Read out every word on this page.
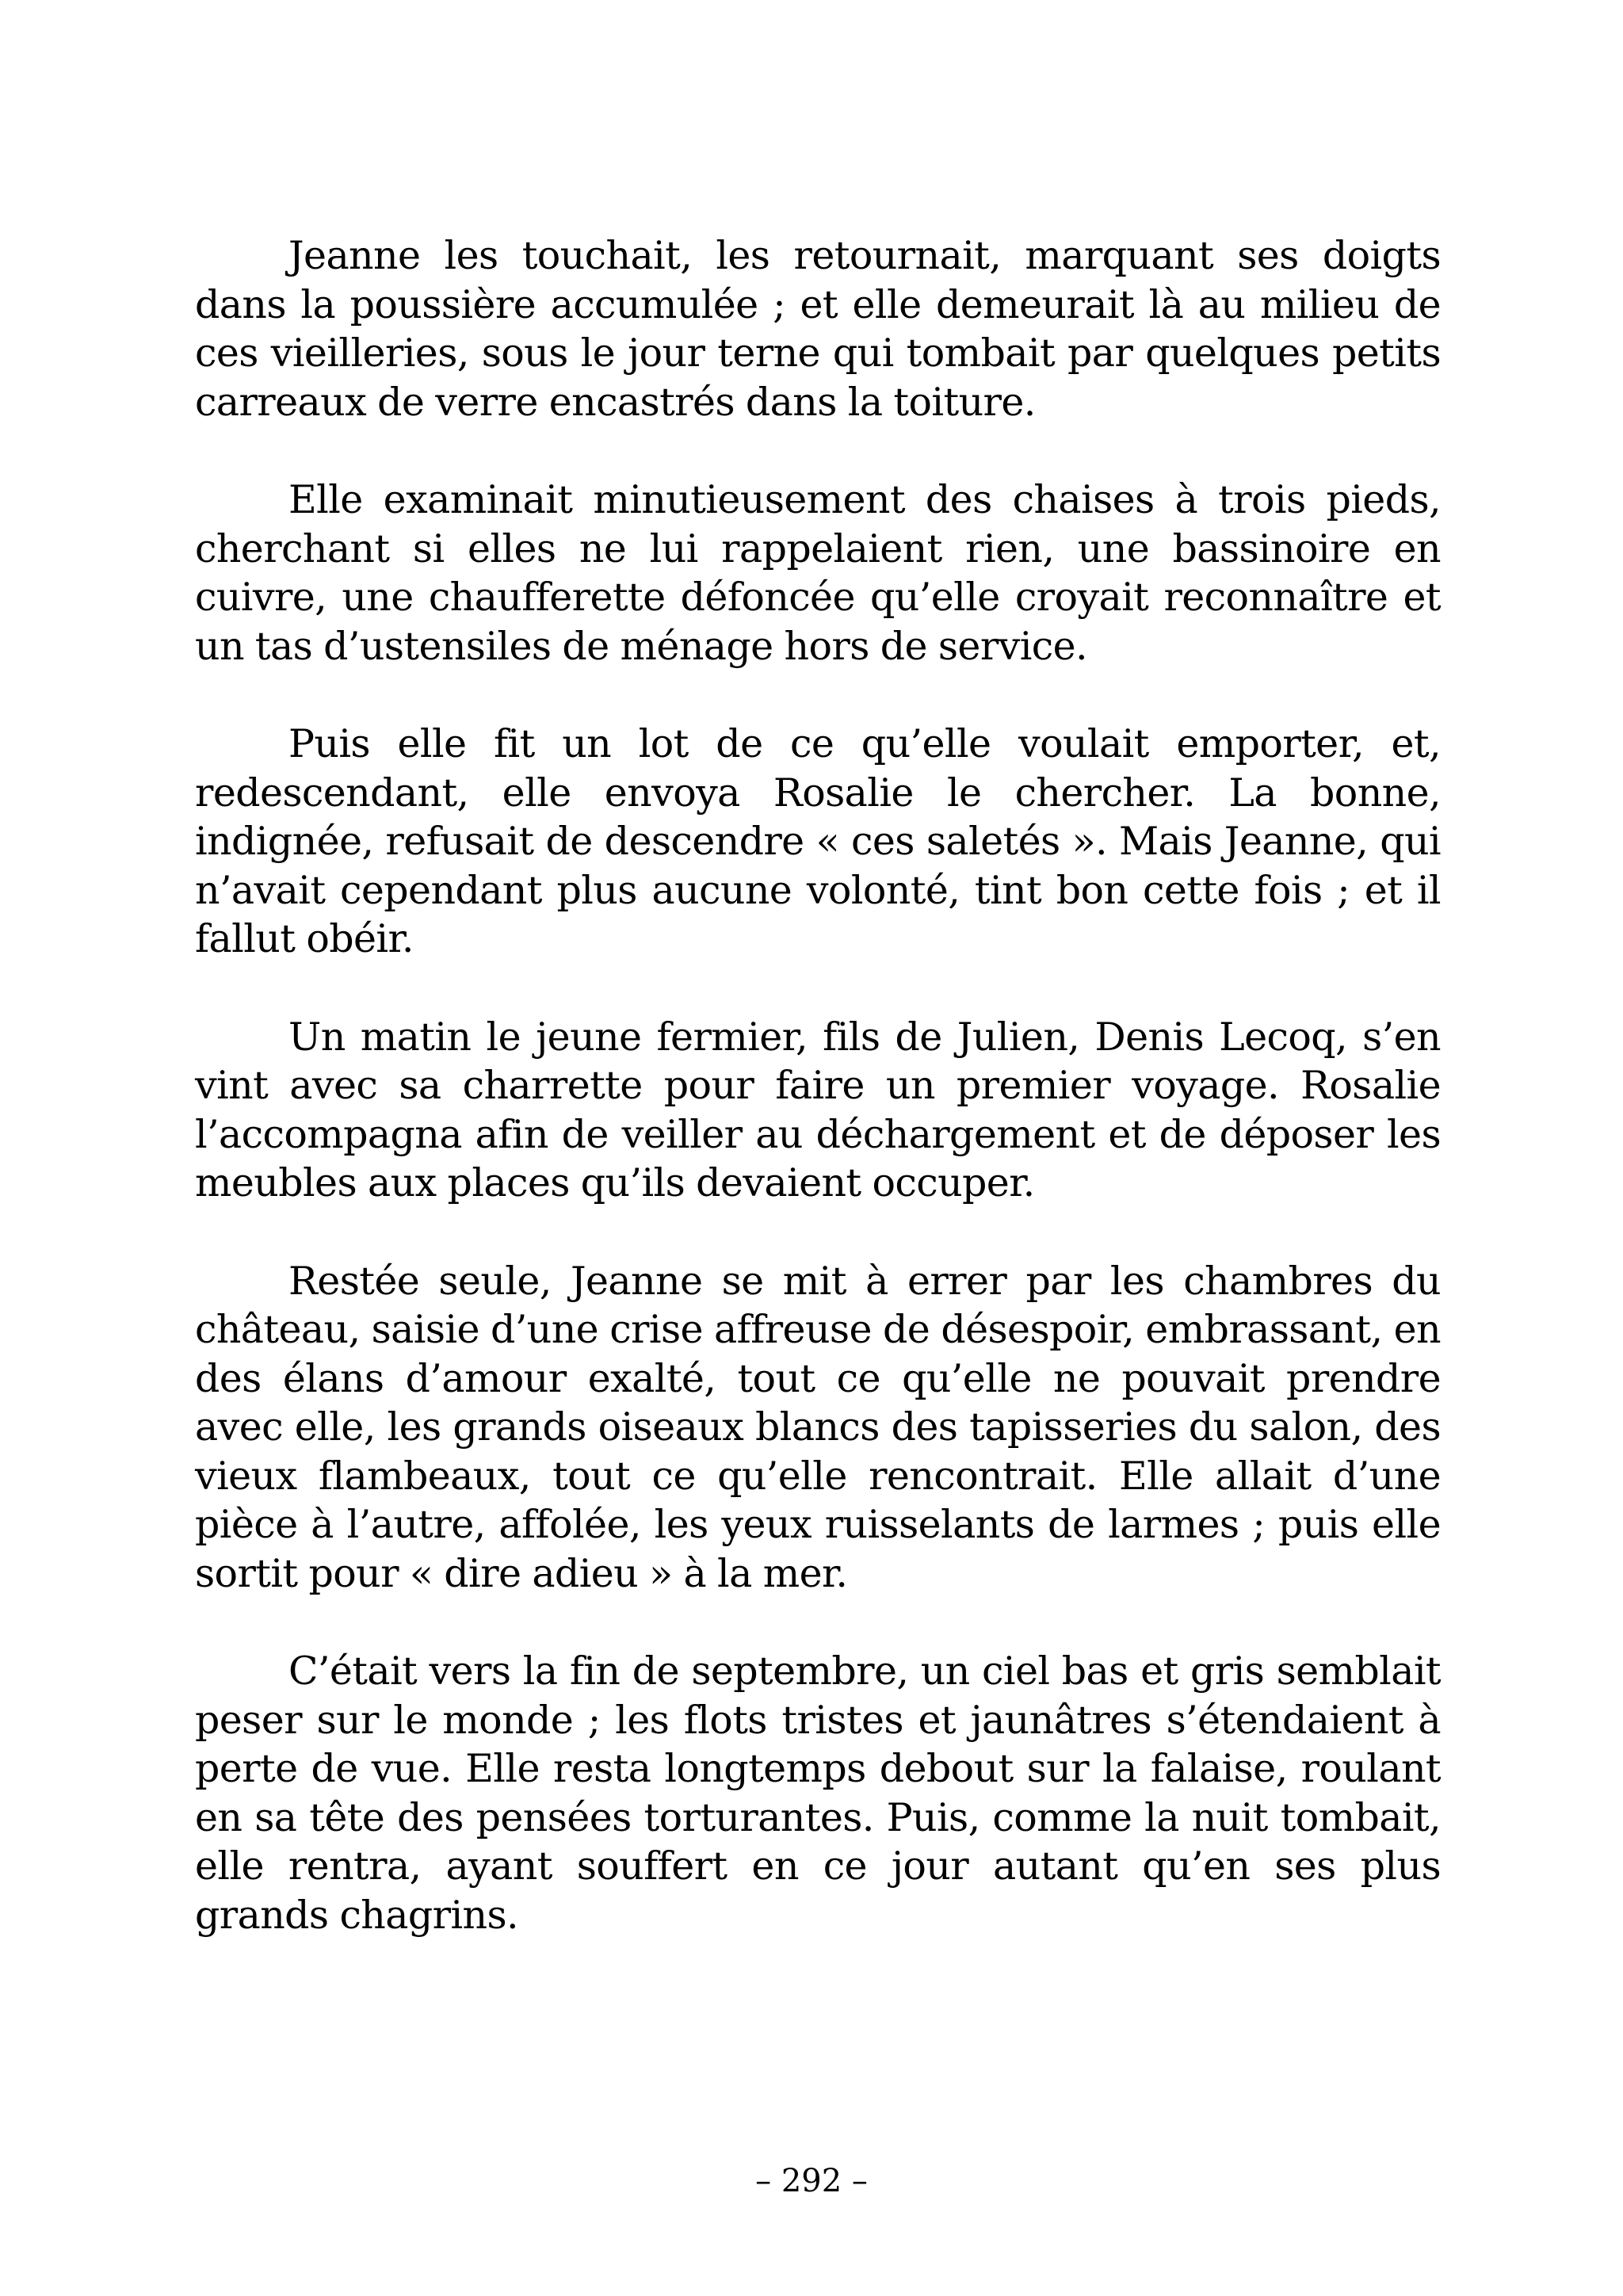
Jeanne les touchait, les retournait, marquant ses doigts dans la poussière accumulée ; et elle demeurait là au milieu de ces vieilleries, sous le jour terne qui tombait par quelques petits carreaux de verre encastrés dans la toiture.

Elle examinait minutieusement des chaises à trois pieds, cherchant si elles ne lui rappelaient rien, une bassinoire en cuivre, une chaufferette défoncée qu’elle croyait reconnaître et un tas d’ustensiles de ménage hors de service.

Puis elle fit un lot de ce qu’elle voulait emporter, et, redescendant, elle envoya Rosalie le chercher. La bonne, indignée, refusait de descendre « ces saletés ». Mais Jeanne, qui n’avait cependant plus aucune volonté, tint bon cette fois ; et il fallut obéir.

Un matin le jeune fermier, fils de Julien, Denis Lecoq, s’en vint avec sa charrette pour faire un premier voyage. Rosalie l’accompagna afin de veiller au déchargement et de déposer les meubles aux places qu’ils devaient occuper.

Restée seule, Jeanne se mit à errer par les chambres du château, saisie d’une crise affreuse de désespoir, embrassant, en des élans d’amour exalté, tout ce qu’elle ne pouvait prendre avec elle, les grands oiseaux blancs des tapisseries du salon, des vieux flambeaux, tout ce qu’elle rencontrait. Elle allait d’une pièce à l’autre, affolée, les yeux ruisselants de larmes ; puis elle sortit pour « dire adieu » à la mer.

C’était vers la fin de septembre, un ciel bas et gris semblait peser sur le monde ; les flots tristes et jaunâtres s’étendaient à perte de vue. Elle resta longtemps debout sur la falaise, roulant en sa tête des pensées torturantes. Puis, comme la nuit tombait, elle rentra, ayant souffert en ce jour autant qu’en ses plus grands chagrins.

– 292 –
